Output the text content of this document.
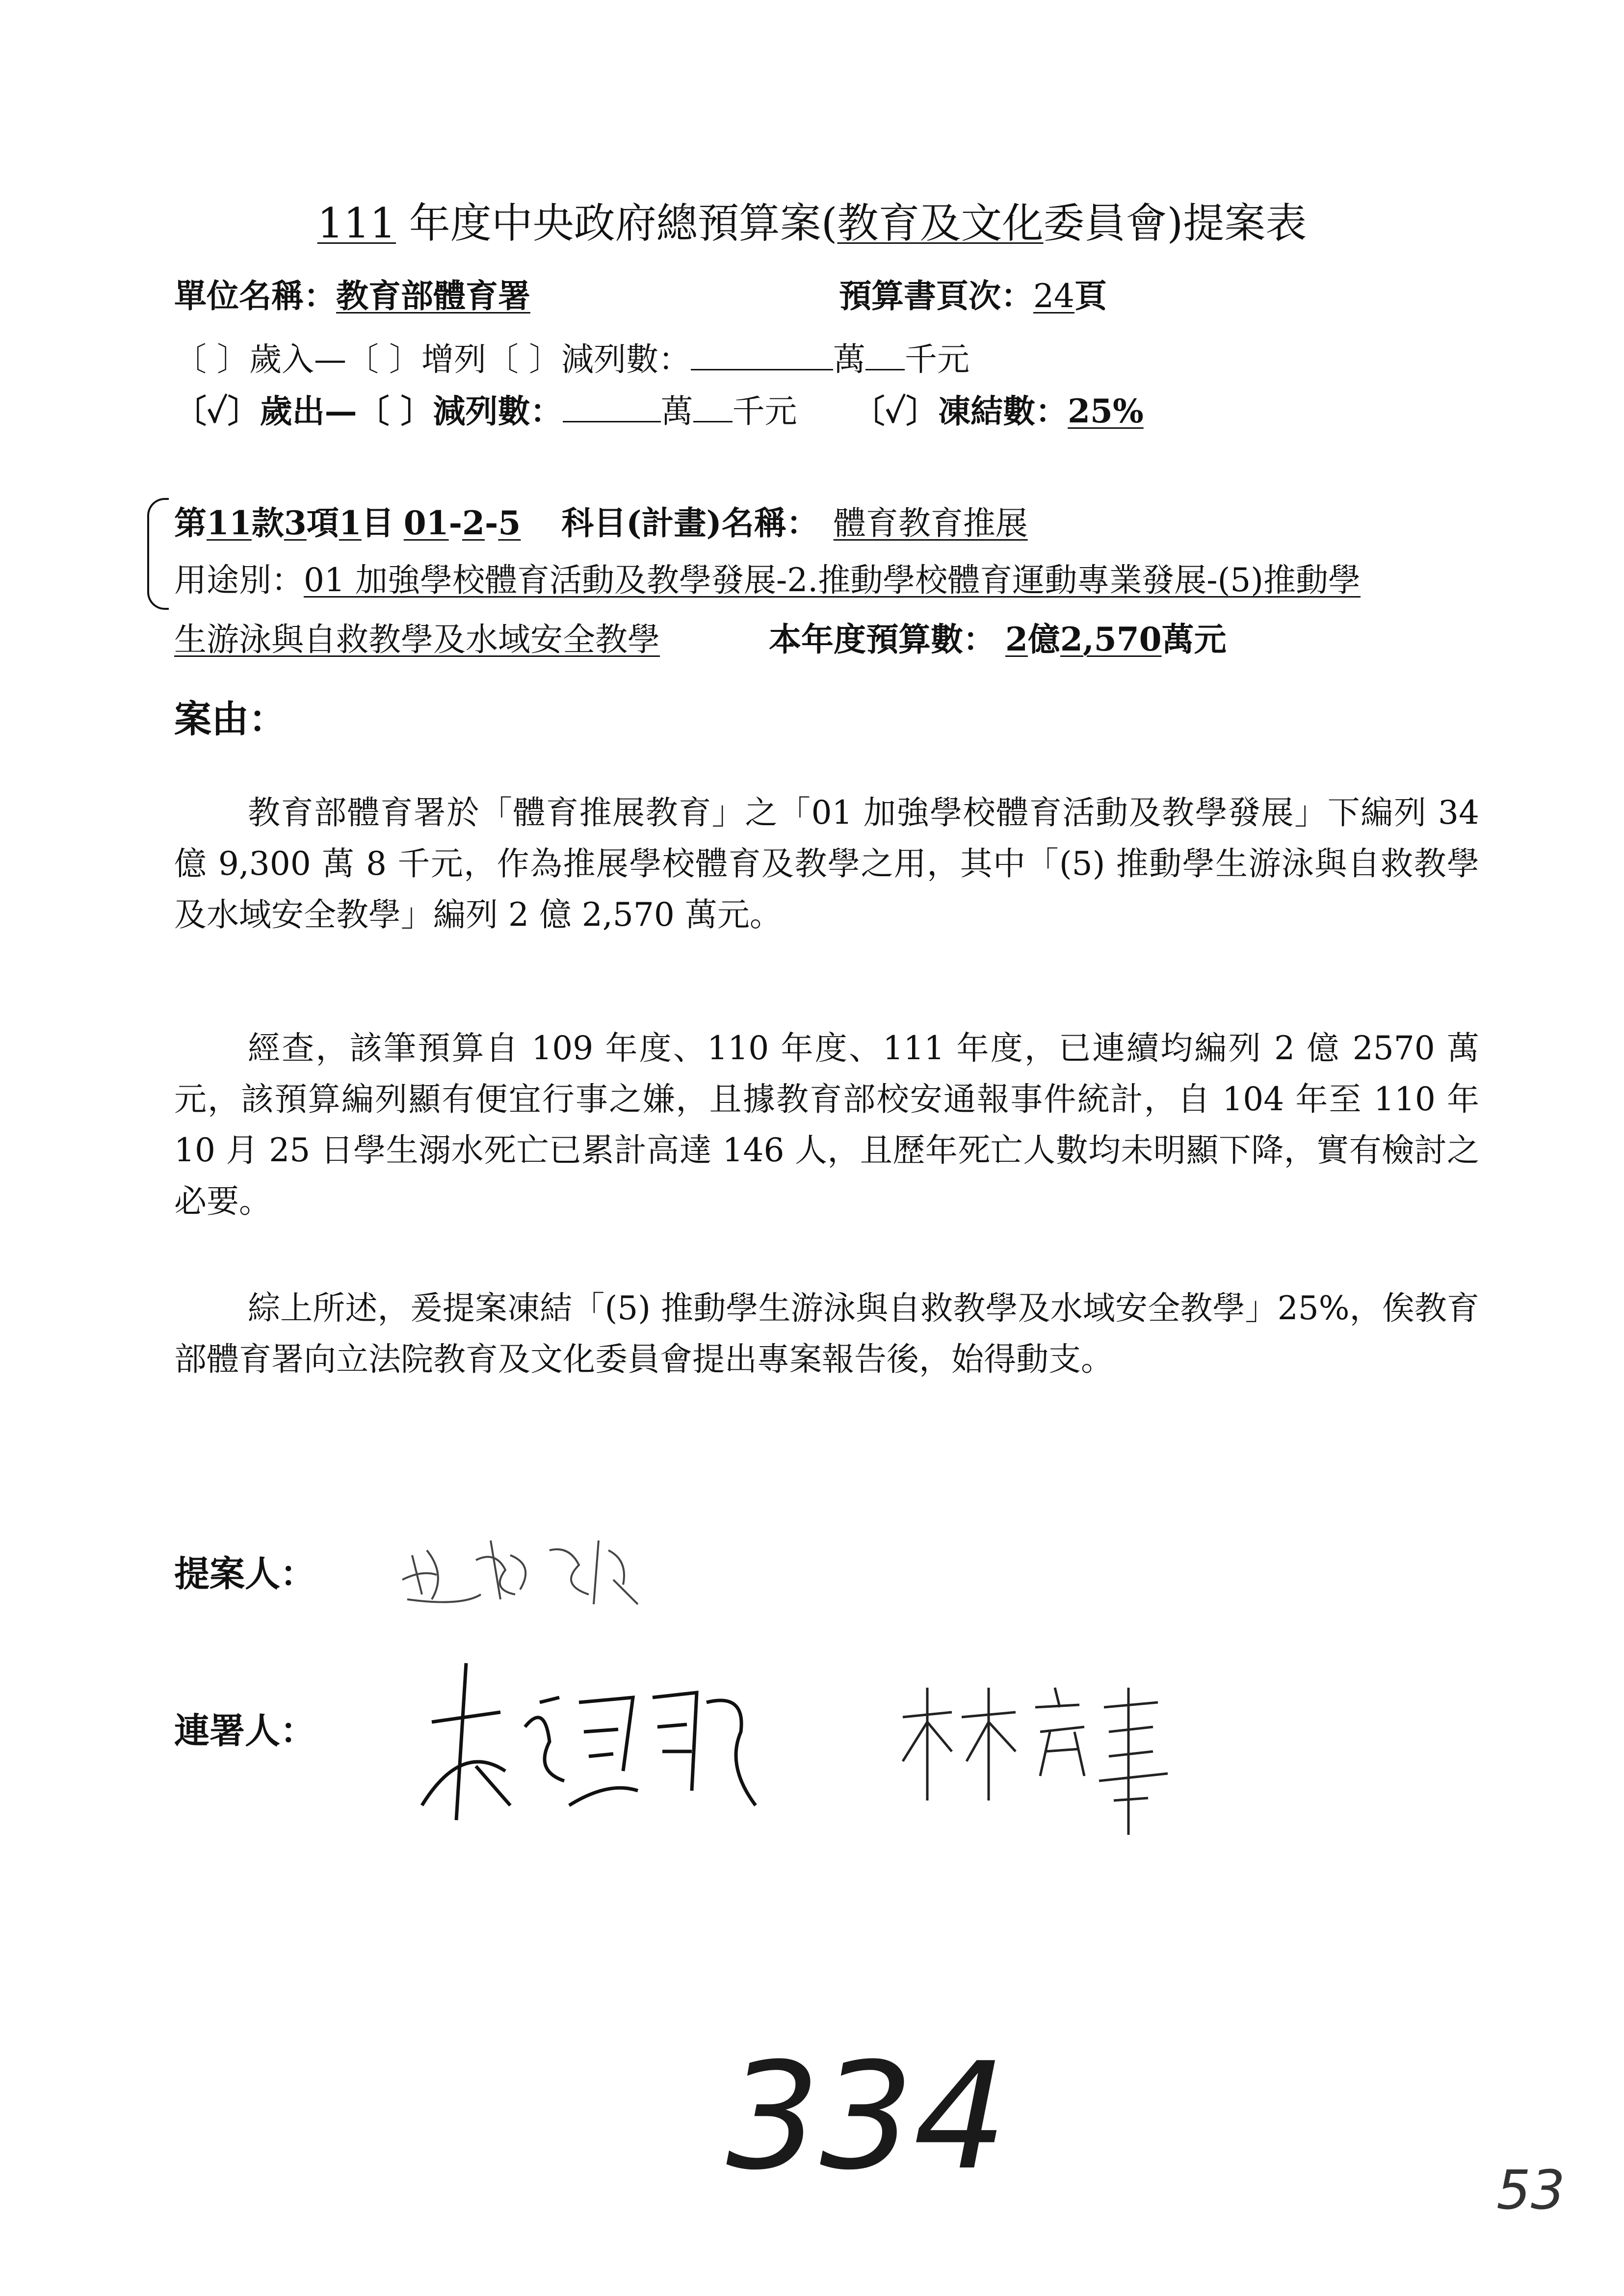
111 年度中央政府總預算案(教育及文化委員會)提案表
單位名稱：教育部體育署	預算書頁次：24頁
〔 〕歲入—〔 〕增列〔 〕減列數：	萬 千元
〔✓〕歲出—〔 〕減列數：	萬 千元 〔✓〕凍結數：25%
第11款3項1目 01-2-5 科目(計畫)名稱： 體育教育推展
用途別：01 加強學校體育活動及教學發展-2.推動學校體育運動專業發展-(5)推動學
生游泳與自救教學及水域安全教學	本年度預算數： 2億2,570萬元
案由：
教育部體育署於「體育推展教育」之「01 加強學校體育活動及教學發展」下編列 34 億 9,300 萬 8 千元，作為推展學校體育及教學之用，其中「(5) 推動學生游泳與自救教學及水域安全教學」編列 2 億 2,570 萬元。
經查，該筆預算自 109 年度、110 年度、111 年度，已連續均編列 2 億 2570 萬元，該預算編列顯有便宜行事之嫌，且據教育部校安通報事件統計，自 104 年至 110 年 10 月 25 日學生溺水死亡已累計高達 146 人，且歷年死亡人數均未明顯下降，實有檢討之必要。
綜上所述，爰提案凍結「(5) 推動學生游泳與自救教學及水域安全教學」25%，俟教育部體育署向立法院教育及文化委員會提出專案報告後，始得動支。
提案人：
連署人：
334	53
